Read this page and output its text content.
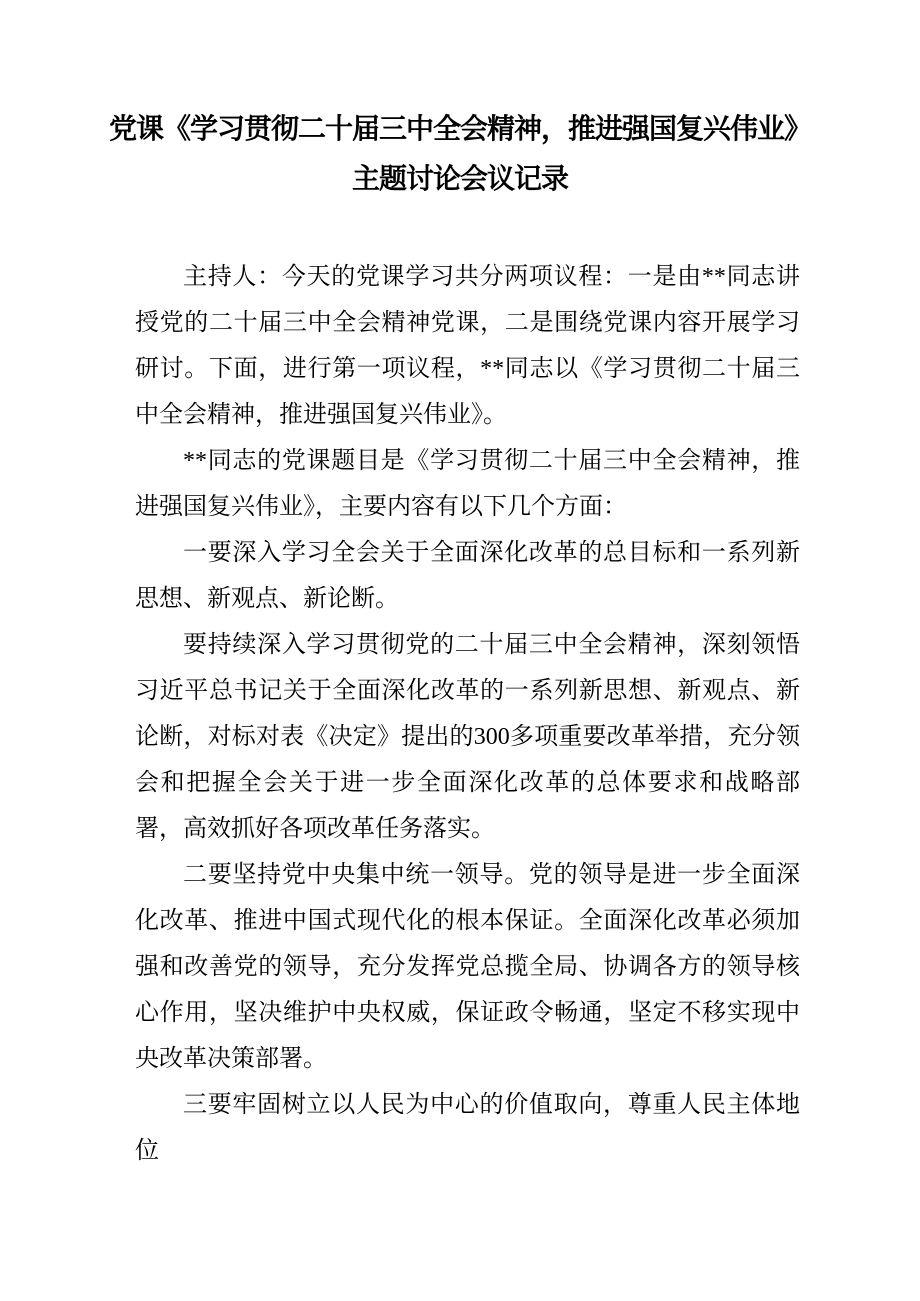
党课《学习贯彻二十届三中全会精神，推进强国复兴伟业》
主题讨论会议记录

主持人：今天的党课学习共分两项议程：一是由**同志讲授党的二十届三中全会精神党课，二是围绕党课内容开展学习研讨。下面，进行第一项议程，**同志以《学习贯彻二十届三中全会精神，推进强国复兴伟业》。

**同志的党课题目是《学习贯彻二十届三中全会精神，推进强国复兴伟业》，主要内容有以下几个方面：

一要深入学习全会关于全面深化改革的总目标和一系列新思想、新观点、新论断。

要持续深入学习贯彻党的二十届三中全会精神，深刻领悟习近平总书记关于全面深化改革的一系列新思想、新观点、新论断，对标对表《决定》提出的300多项重要改革举措，充分领会和把握全会关于进一步全面深化改革的总体要求和战略部署，高效抓好各项改革任务落实。

二要坚持党中央集中统一领导。党的领导是进一步全面深化改革、推进中国式现代化的根本保证。全面深化改革必须加强和改善党的领导，充分发挥党总揽全局、协调各方的领导核心作用，坚决维护中央权威，保证政令畅通，坚定不移实现中央改革决策部署。

三要牢固树立以人民为中心的价值取向，尊重人民主体地位
